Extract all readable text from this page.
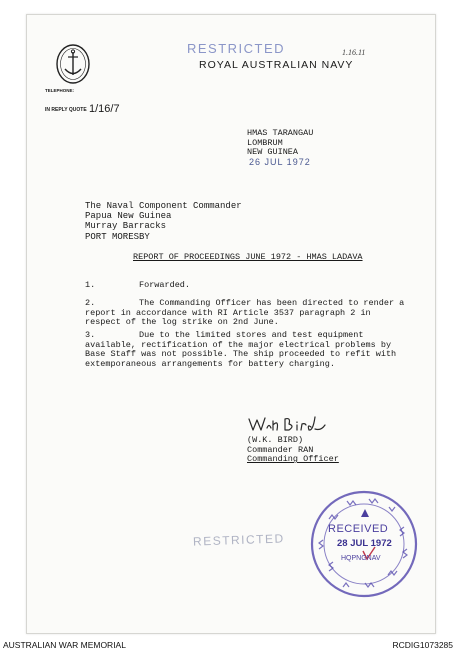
RESTRICTED
ROYAL AUSTRALIAN NAVY
1.16.11
TELEPHONE:
IN REPLY QUOTE 1/16/7
HMAS TARANGAU
LOMBRUM
NEW GUINEA
26 JUL 1972
The Naval Component Commander
Papua New Guinea
Murray Barracks
PORT MORESBY
REPORT OF PROCEEDINGS JUNE 1972 - HMAS LADAVA
1.	Forwarded.
2.	The Commanding Officer has been directed to render a report in accordance with RI Article 3537 paragraph 2 in respect of the log strike on 2nd June.
3.	Due to the limited stores and test equipment available, rectification of the major electrical problems by Base Staff was not possible. The ship proceeded to refit with extemporaneous arrangements for battery charging.
(W.K. BIRD)
Commander RAN
Commanding Officer
RECEIVED
28 JUL 1972
HQPNGNAV
RESTRICTED
AUSTRALIAN WAR MEMORIAL	RCDIG1073285
